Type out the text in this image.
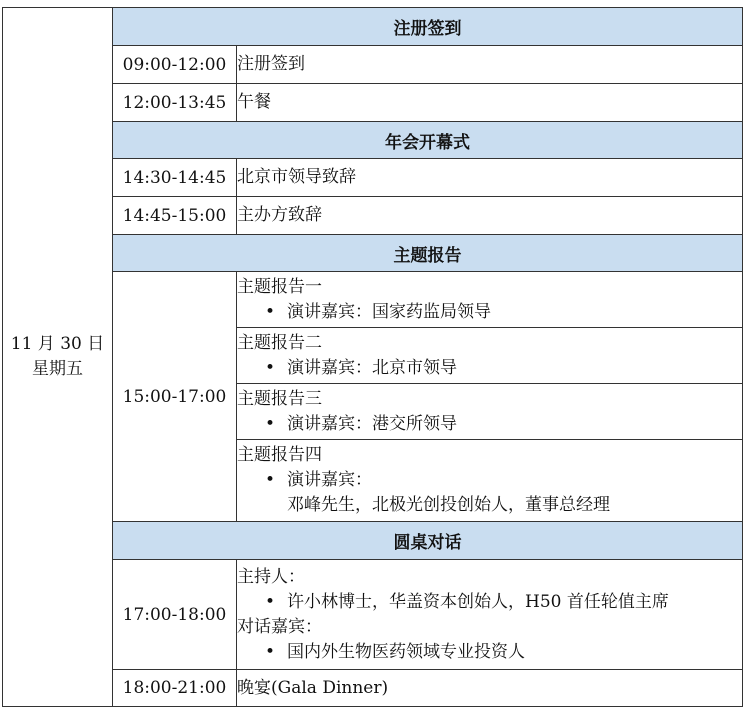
11 月 30 日
星期五	注册签到	
	09:00-12:00	注册签到
	12:00-13:45	午餐
	年会开幕式	
	14:30-14:45	北京市领导致辞
	14:45-15:00	主办方致辞
	主题报告	
	15:00-17:00	主题报告一
• 演讲嘉宾：国家药监局领导

		主题报告二
• 演讲嘉宾：北京市领导

		主题报告三
• 演讲嘉宾：港交所领导

		主题报告四
• 演讲嘉宾：
邓峰先生，北极光创投创始人，董事总经理

	圆桌对话	
	17:00-18:00	主持人：
• 许小林博士，华盖资本创始人，H50 首任轮值主席
对话嘉宾：
• 国内外生物医药领域专业投资人

	18:00-21:00	晚宴(Gala Dinner)
